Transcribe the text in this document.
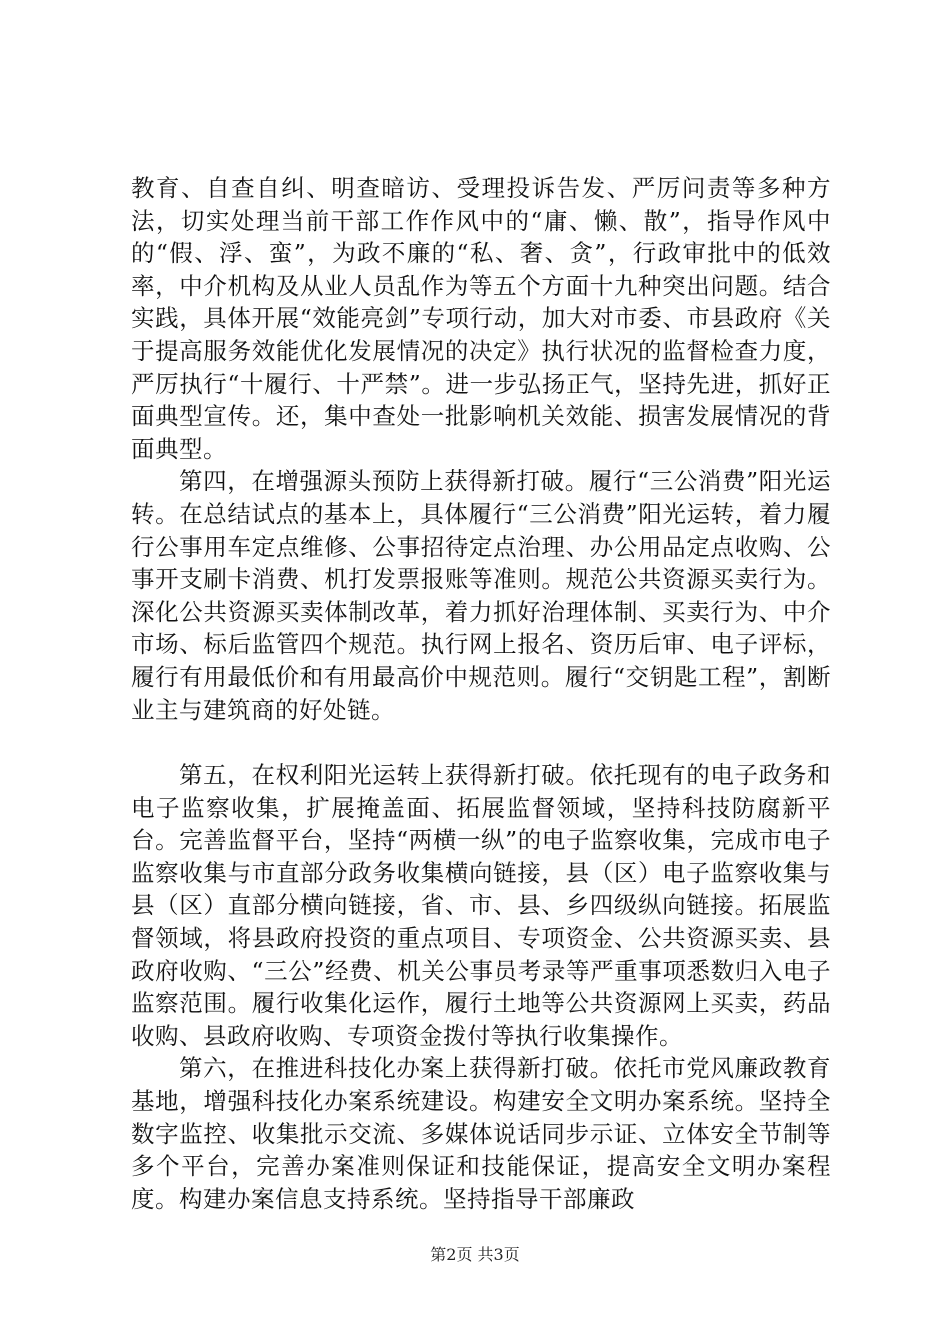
教育、自查自纠、明查暗访、受理投诉告发、严厉问责等多种方法，切实处理当前干部工作作风中的“庸、懒、散”，指导作风中的“假、浮、蛮”，为政不廉的“私、奢、贪”，行政审批中的低效率，中介机构及从业人员乱作为等五个方面十九种突出问题。结合实践，具体开展“效能亮剑”专项行动，加大对市委、市县政府《关于提高服务效能优化发展情况的决定》执行状况的监督检查力度，严厉执行“十履行、十严禁”。进一步弘扬正气，坚持先进，抓好正面典型宣传。还，集中查处一批影响机关效能、损害发展情况的背面典型。

第四，在增强源头预防上获得新打破。履行“三公消费”阳光运转。在总结试点的基本上，具体履行“三公消费”阳光运转，着力履行公事用车定点维修、公事招待定点治理、办公用品定点收购、公事开支刷卡消费、机打发票报账等准则。规范公共资源买卖行为。深化公共资源买卖体制改革，着力抓好治理体制、买卖行为、中介市场、标后监管四个规范。执行网上报名、资历后审、电子评标，履行有用最低价和有用最高价中规范则。履行“交钥匙工程”，割断业主与建筑商的好处链。

第五，在权利阳光运转上获得新打破。依托现有的电子政务和电子监察收集，扩展掩盖面、拓展监督领域，坚持科技防腐新平台。完善监督平台，坚持“两横一纵”的电子监察收集，完成市电子监察收集与市直部分政务收集横向链接，县（区）电子监察收集与县（区）直部分横向链接，省、市、县、乡四级纵向链接。拓展监督领域，将县政府投资的重点项目、专项资金、公共资源买卖、县政府收购、“三公”经费、机关公事员考录等严重事项悉数归入电子监察范围。履行收集化运作，履行土地等公共资源网上买卖，药品收购、县政府收购、专项资金拨付等执行收集操作。

第六，在推进科技化办案上获得新打破。依托市党风廉政教育基地，增强科技化办案系统建设。构建安全文明办案系统。坚持全数字监控、收集批示交流、多媒体说话同步示证、立体安全节制等多个平台，完善办案准则保证和技能保证，提高安全文明办案程度。构建办案信息支持系统。坚持指导干部廉政

第2页 共3页
